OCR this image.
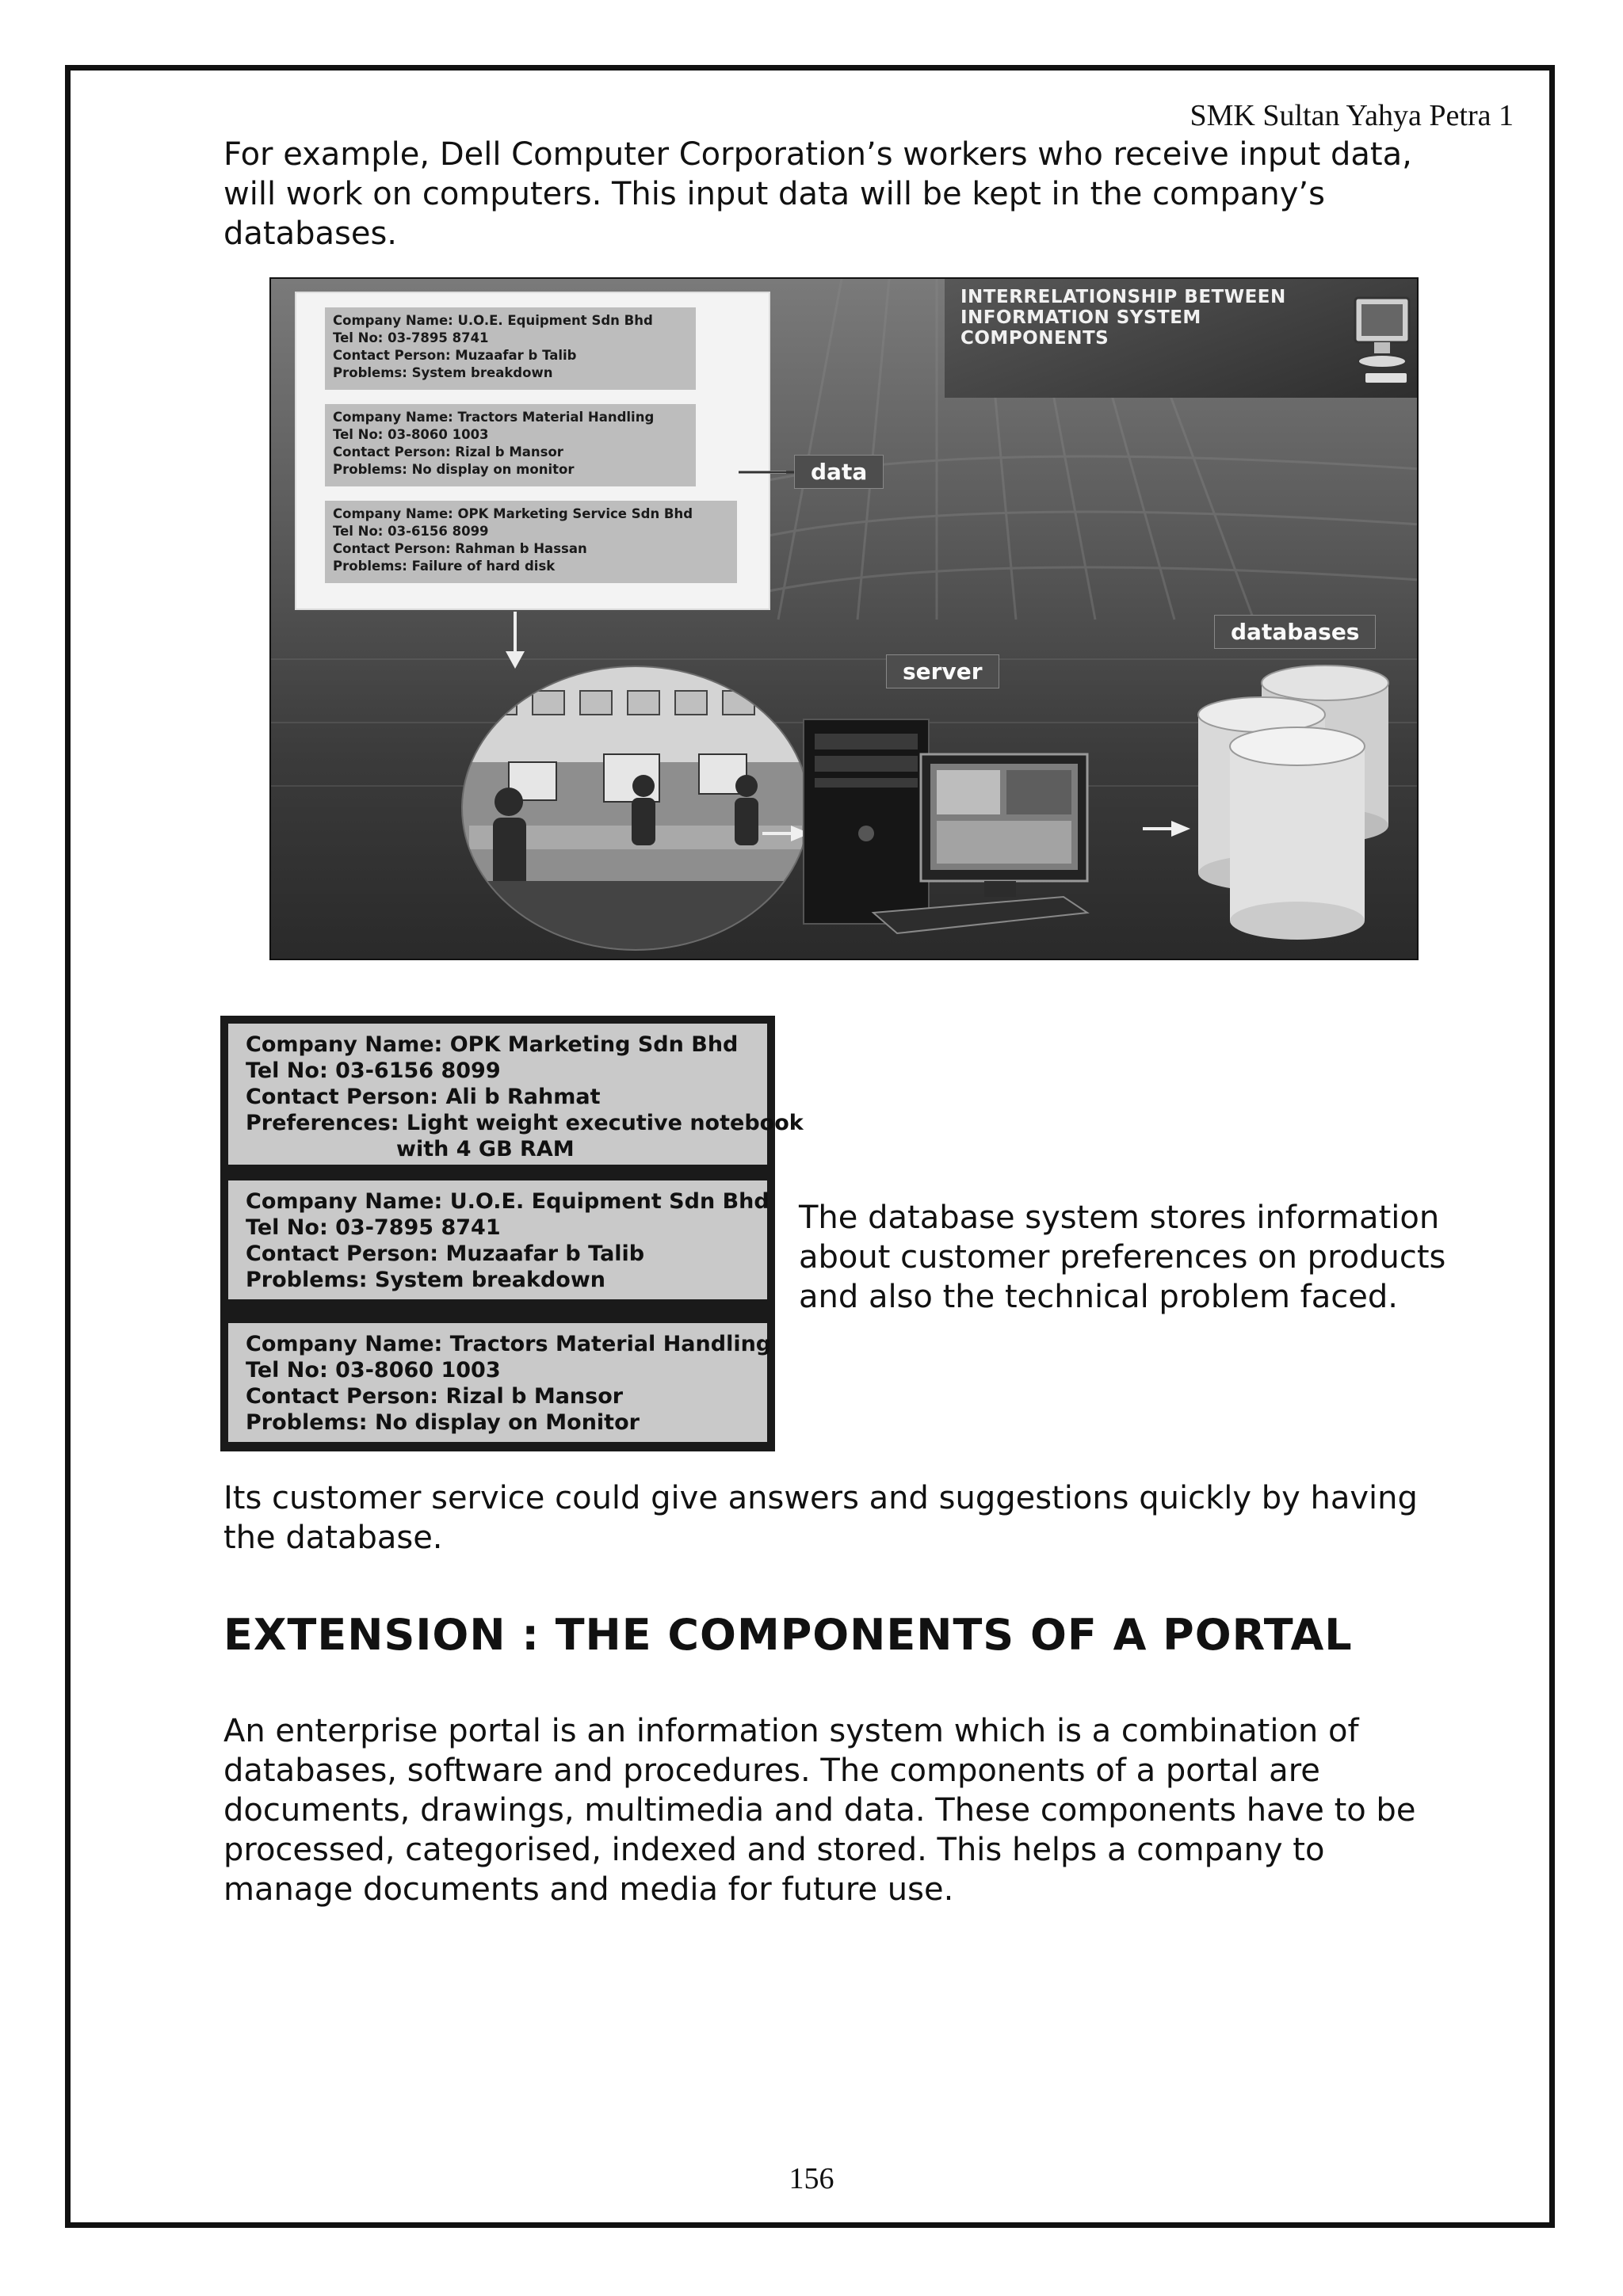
SMK Sultan Yahya Petra 1

For example, Dell Computer Corporation’s workers who receive input data,
will work on computers. This input data will be kept in the company’s
databases.

INTERRELATIONSHIP BETWEEN
INFORMATION SYSTEM COMPONENTS
Company Name: U.O.E. Equipment Sdn Bhd
Tel No: 03-7895 8741
Contact Person: Muzaafar b Talib
Problems: System breakdown
Company Name: Tractors Material Handling
Tel No: 03-8060 1003
Contact Person: Rizal b Mansor
Problems: No display on monitor
Company Name: OPK Marketing Service Sdn Bhd
Tel No: 03-6156 8099
Contact Person: Rahman b Hassan
Problems: Failure of hard disk
data
server
databases
Company Name: OPK Marketing Sdn Bhd
Tel No: 03-6156 8099
Contact Person: Ali b Rahmat
Preferences: Light weight executive notebook
with 4 GB RAM
Company Name: U.O.E. Equipment Sdn Bhd
Tel No: 03-7895 8741
Contact Person: Muzaafar b Talib
Problems: System breakdown
Company Name: Tractors Material Handling
Tel No: 03-8060 1003
Contact Person: Rizal b Mansor
Problems: No display on Monitor

The database system stores information
about customer preferences on products
and also the technical problem faced.

Its customer service could give answers and suggestions quickly by having
the database.

EXTENSION : THE COMPONENTS OF A PORTAL

An enterprise portal is an information system which is a combination of
databases, software and procedures. The components of a portal are
documents, drawings, multimedia and data. These components have to be
processed, categorised, indexed and stored. This helps a company to
manage documents and media for future use.

156
